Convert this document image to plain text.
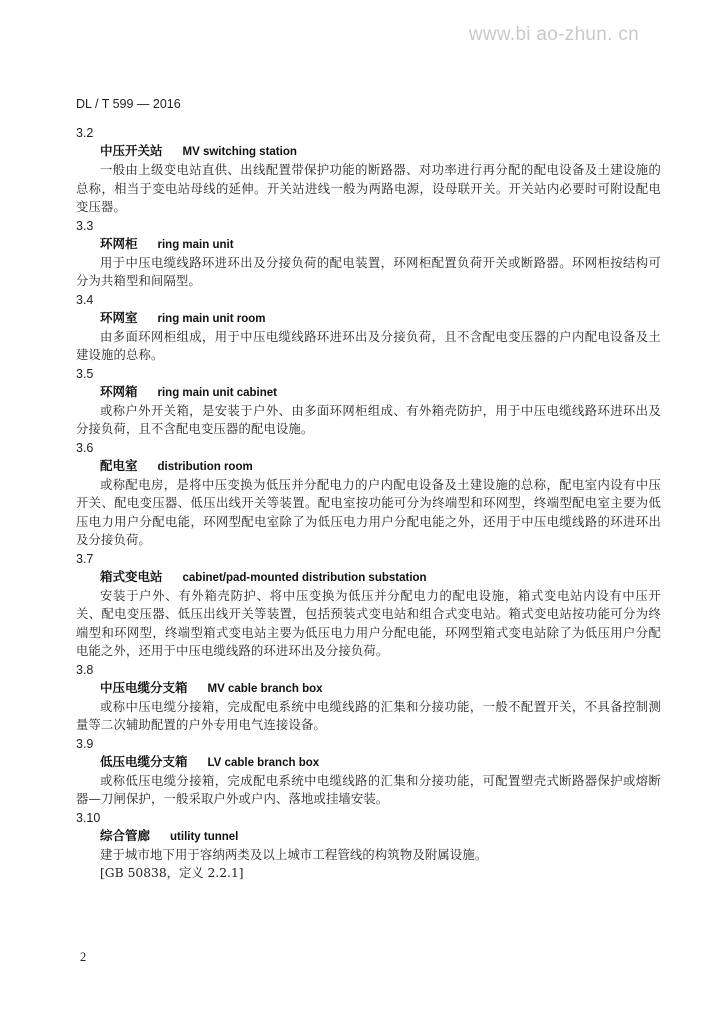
www.bi ao-zhun. cn
DL / T 599 — 2016
3.2
中压开关站 MV switching station
一般由上级变电站直供、出线配置带保护功能的断路器、对功率进行再分配的配电设备及土建设施的总称，相当于变电站母线的延伸。开关站进线一般为两路电源，设母联开关。开关站内必要时可附设配电变压器。
3.3
环网柜 ring main unit
用于中压电缆线路环进环出及分接负荷的配电装置，环网柜配置负荷开关或断路器。环网柜按结构可分为共箱型和间隔型。
3.4
环网室 ring main unit room
由多面环网柜组成，用于中压电缆线路环进环出及分接负荷，且不含配电变压器的户内配电设备及土建设施的总称。
3.5
环网箱 ring main unit cabinet
或称户外开关箱，是安装于户外、由多面环网柜组成、有外箱壳防护，用于中压电缆线路环进环出及分接负荷，且不含配电变压器的配电设施。
3.6
配电室 distribution room
或称配电房，是将中压变换为低压并分配电力的户内配电设备及土建设施的总称，配电室内设有中压开关、配电变压器、低压出线开关等装置。配电室按功能可分为终端型和环网型，终端型配电室主要为低压电力用户分配电能，环网型配电室除了为低压电力用户分配电能之外，还用于中压电缆线路的环进环出及分接负荷。
3.7
箱式变电站 cabinet/pad-mounted distribution substation
安装于户外、有外箱壳防护、将中压变换为低压并分配电力的配电设施，箱式变电站内设有中压开关、配电变压器、低压出线开关等装置，包括预装式变电站和组合式变电站。箱式变电站按功能可分为终端型和环网型，终端型箱式变电站主要为低压电力用户分配电能，环网型箱式变电站除了为低压用户分配电能之外，还用于中压电缆线路的环进环出及分接负荷。
3.8
中压电缆分支箱 MV cable branch box
或称中压电缆分接箱，完成配电系统中电缆线路的汇集和分接功能，一般不配置开关，不具备控制测量等二次辅助配置的户外专用电气连接设备。
3.9
低压电缆分支箱 LV cable branch box
或称低压电缆分接箱，完成配电系统中电缆线路的汇集和分接功能，可配置塑壳式断路器保护或熔断器—刀闸保护，一般采取户外或户内、落地或挂墙安装。
3.10
综合管廊 utility tunnel
建于城市地下用于容纳两类及以上城市工程管线的构筑物及附属设施。
[GB 50838，定义 2.2.1]
2
